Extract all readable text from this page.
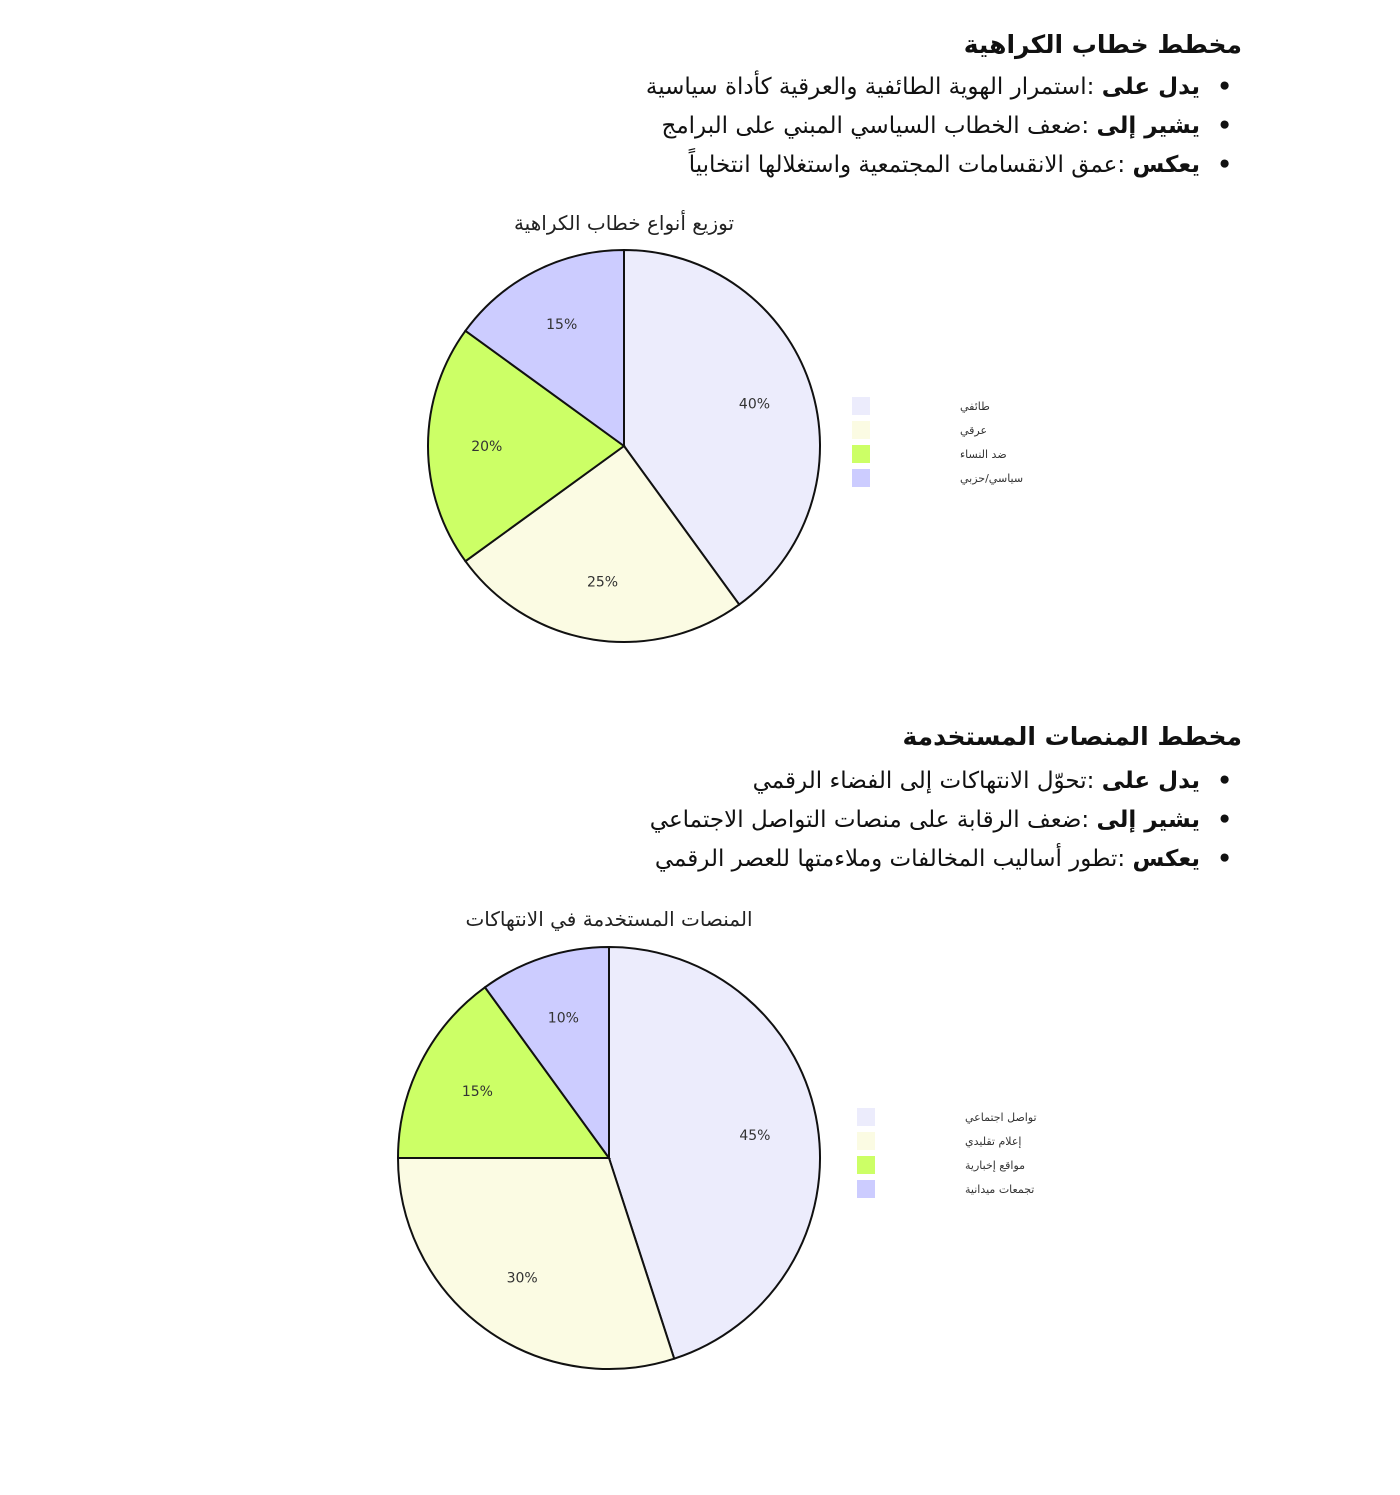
مخطط خطاب الكراهية
• يدل على :استمرار الهوية الطائفية والعرقية كأداة سياسية
• يشير إلى :ضعف الخطاب السياسي المبني على البرامج
• يعكس :عمق الانقسامات المجتمعية واستغلالها انتخابياً
توزيع أنواع خطاب الكراهية
40%
25%
20%
15%
طائفي
عرقي
ضد النساء
سياسي/حزبي
مخطط المنصات المستخدمة
• يدل على :تحوّل الانتهاكات إلى الفضاء الرقمي
• يشير إلى :ضعف الرقابة على منصات التواصل الاجتماعي
• يعكس :تطور أساليب المخالفات وملاءمتها للعصر الرقمي
المنصات المستخدمة في الانتهاكات
45%
30%
15%
10%
تواصل اجتماعي
إعلام تقليدي
مواقع إخبارية
تجمعات ميدانية
